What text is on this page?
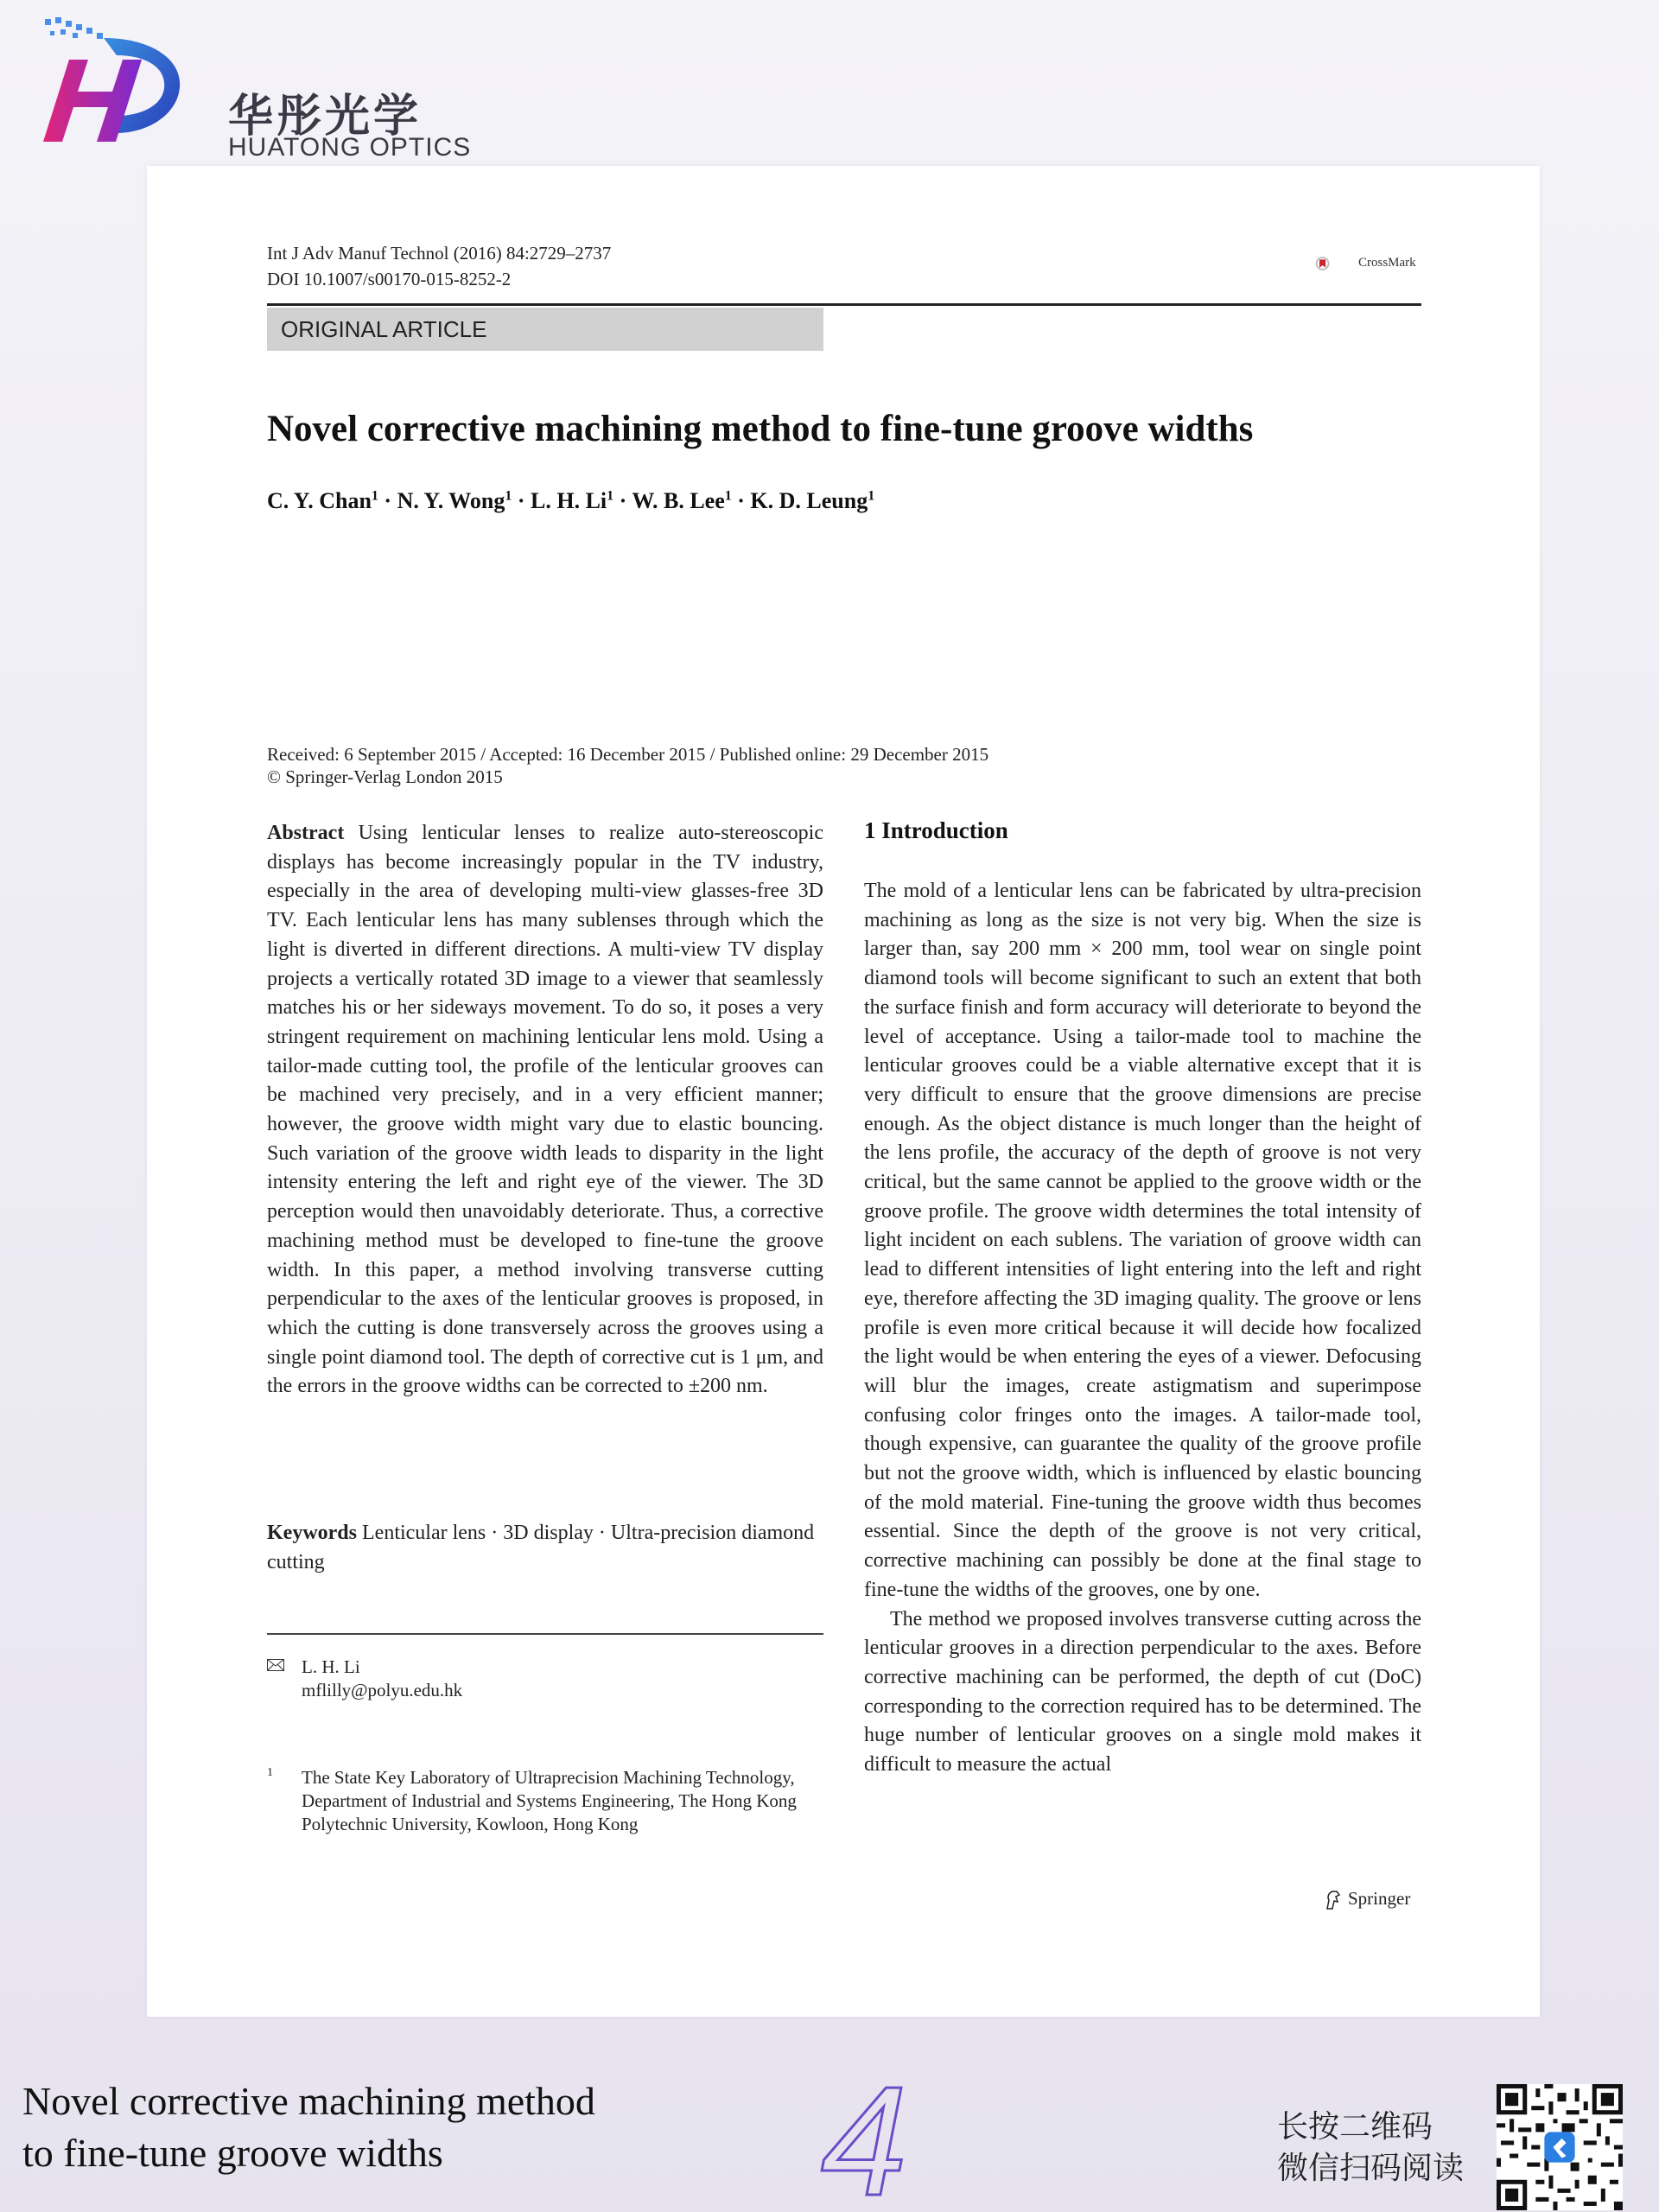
华彤光学
HUATONG OPTICS
Int J Adv Manuf Technol (2016) 84:2729–2737
DOI 10.1007/s00170-015-8252-2
CrossMark
ORIGINAL ARTICLE
Novel corrective machining method to fine-tune groove widths
C. Y. Chan$^1$ · N. Y. Wong$^1$ · L. H. $Li^1 \cdot W$. B. Lee$^1$ · K. D. Leung$^1$
Received: 6 September 2015 / Accepted: 16 December 2015 / Published online: 29 December 2015
© Springer-Verlag London 2015
Abstract Using lenticular lenses to realize auto-stereoscopic displays has become increasingly popular in the TV industry, especially in the area of developing multi-view glasses-free 3D TV. Each lenticular lens has many sublenses through which the light is diverted in different directions. A multi-view TV display projects a vertically rotated 3D image to a viewer that seamlessly matches his or her sideways movement. To do so, it poses a very stringent requirement on machining lenticular lens mold. Using a tailor-made cutting tool, the profile of the lenticular grooves can be machined very precisely, and in a very efficient manner; however, the groove width might vary due to elastic bouncing. Such variation of the groove width leads to disparity in the light intensity entering the left and right eye of the viewer. The 3D perception would then unavoidably deteriorate. Thus, a corrective machining method must be developed to fine-tune the groove width. In this paper, a method involving transverse cutting perpendicular to the axes of the lenticular grooves is proposed, in which the cutting is done transversely across the grooves using a single point diamond tool. The depth of corrective cut is 1 μm, and the errors in the groove widths can be corrected to ±200 nm.
Keywords Lenticular lens · 3D display · Ultra-precision diamond cutting
L. H. Li
mflilly@polyu.edu.hk
1 The State Key Laboratory of Ultraprecision Machining Technology, Department of Industrial and Systems Engineering, The Hong Kong Polytechnic University, Kowloon, Hong Kong
1 Introduction

The mold of a lenticular lens can be fabricated by ultra-precision machining as long as the size is not very big. When the size is larger than, say 200 mm × 200 mm, tool wear on single point diamond tools will become significant to such an extent that both the surface finish and form accuracy will deteriorate to beyond the level of acceptance. Using a tailor-made tool to machine the lenticular grooves could be a viable alternative except that it is very difficult to ensure that the groove dimensions are precise enough. As the object distance is much longer than the height of the lens profile, the accuracy of the depth of groove is not very critical, but the same cannot be applied to the groove width or the groove profile. The groove width determines the total intensity of light incident on each sublens. The variation of groove width can lead to different intensities of light entering into the left and right eye, therefore affecting the 3D imaging quality. The groove or lens profile is even more critical because it will decide how focalized the light would be when entering the eyes of a viewer. Defocusing will blur the images, create astigmatism and superimpose confusing color fringes onto the images. A tailor-made tool, though expensive, can guarantee the quality of the groove profile but not the groove width, which is influenced by elastic bouncing of the mold material. Fine-tuning the groove width thus becomes essential. Since the depth of the groove is not very critical, corrective machining can possibly be done at the final stage to fine-tune the widths of the grooves, one by one.

The method we proposed involves transverse cutting across the lenticular grooves in a direction perpendicular to the axes. Before corrective machining can be performed, the depth of cut (DoC) corresponding to the correction required has to be determined. The huge number of lenticular grooves on a single mold makes it difficult to measure the actual

Springer
Novel corrective machining method
to fine-tune groove widths	4	长按二维码
微信扫码阅读
